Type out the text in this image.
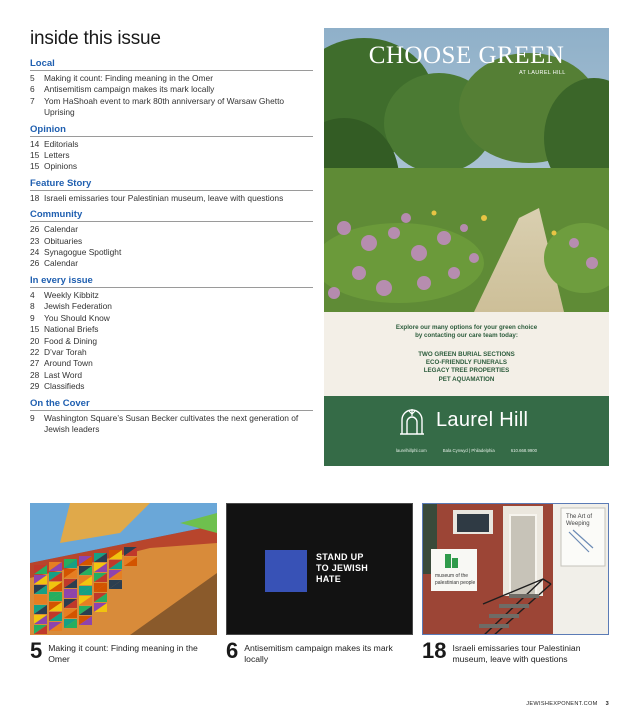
inside this issue
Local
5	Making it count: Finding meaning in the Omer
6	Antisemitism campaign makes its mark locally
7	Yom HaShoah event to mark 80th anniversary of Warsaw Ghetto Uprising
Opinion
14 Editorials
15 Letters
15 Opinions
Feature Story
18 Israeli emissaries tour Palestinian museum, leave with questions
Community
26 Calendar
23 Obituaries
24 Synagogue Spotlight
26 Calendar
In every issue
4	Weekly Kibbitz
8	Jewish Federation
9	You Should Know
15 National Briefs
20 Food & Dining
22 D’var Torah
27 Around Town
28 Last Word
29 Classifieds
On the Cover
9	Washington Square’s Susan Becker cultivates the next generation of Jewish leaders
CHOOSE GREEN
AT LAUREL HILL
Explore our many options for your green choice
by contacting our care team today:
TWO GREEN BURIAL SECTIONS
ECO-FRIENDLY FUNERALS
LEGACY TREE PROPERTIES
PET AQUAMATION
Laurel Hill
laurelhillphl.com	Bala Cynwyd | Philadelphia	610.668.9900
STAND UP
TO JEWISH
HATE
The Art of
Weeping
museum of the
palestinian people
5 Making it count: Finding meaning in the Omer	6 Antisemitism campaign makes its mark locally	18 Israeli emissaries tour Palestinian museum, leave with questions
JEWISHEXPONENT.COM 3
